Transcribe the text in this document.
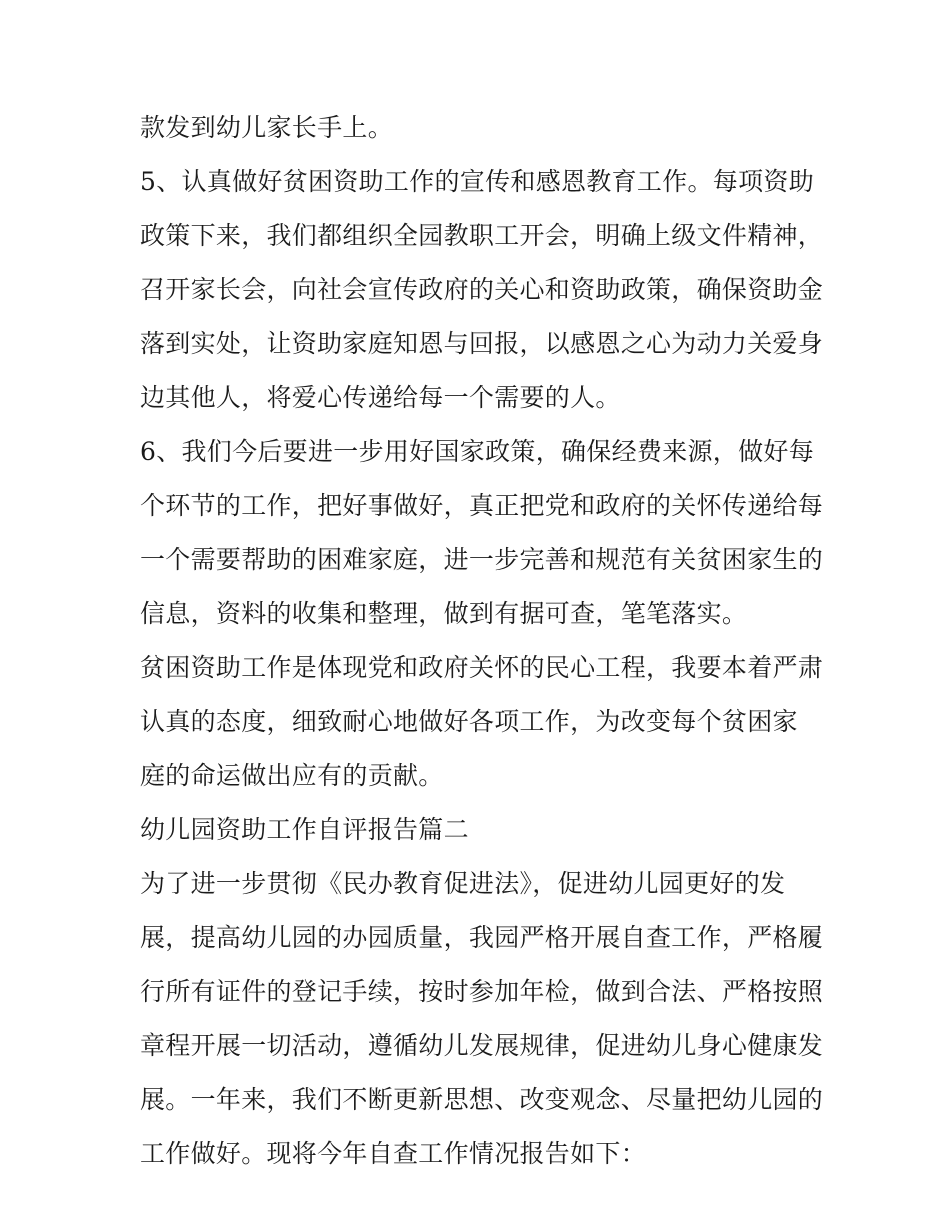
款发到幼儿家长手上。
5、认真做好贫困资助工作的宣传和感恩教育工作。每项资助
政策下来，我们都组织全园教职工开会，明确上级文件精神，
召开家长会，向社会宣传政府的关心和资助政策，确保资助金
落到实处，让资助家庭知恩与回报，以感恩之心为动力关爱身
边其他人，将爱心传递给每一个需要的人。
6、我们今后要进一步用好国家政策，确保经费来源，做好每
个环节的工作，把好事做好，真正把党和政府的关怀传递给每
一个需要帮助的困难家庭，进一步完善和规范有关贫困家生的
信息，资料的收集和整理，做到有据可查，笔笔落实。
贫困资助工作是体现党和政府关怀的民心工程，我要本着严肃
认真的态度，细致耐心地做好各项工作，为改变每个贫困家
庭的命运做出应有的贡献。
幼儿园资助工作自评报告篇二
为了进一步贯彻《民办教育促进法》，促进幼儿园更好的发
展，提高幼儿园的办园质量，我园严格开展自查工作，严格履
行所有证件的登记手续，按时参加年检，做到合法、严格按照
章程开展一切活动，遵循幼儿发展规律，促进幼儿身心健康发
展。一年来，我们不断更新思想、改变观念、尽量把幼儿园的
工作做好。现将今年自查工作情况报告如下：
